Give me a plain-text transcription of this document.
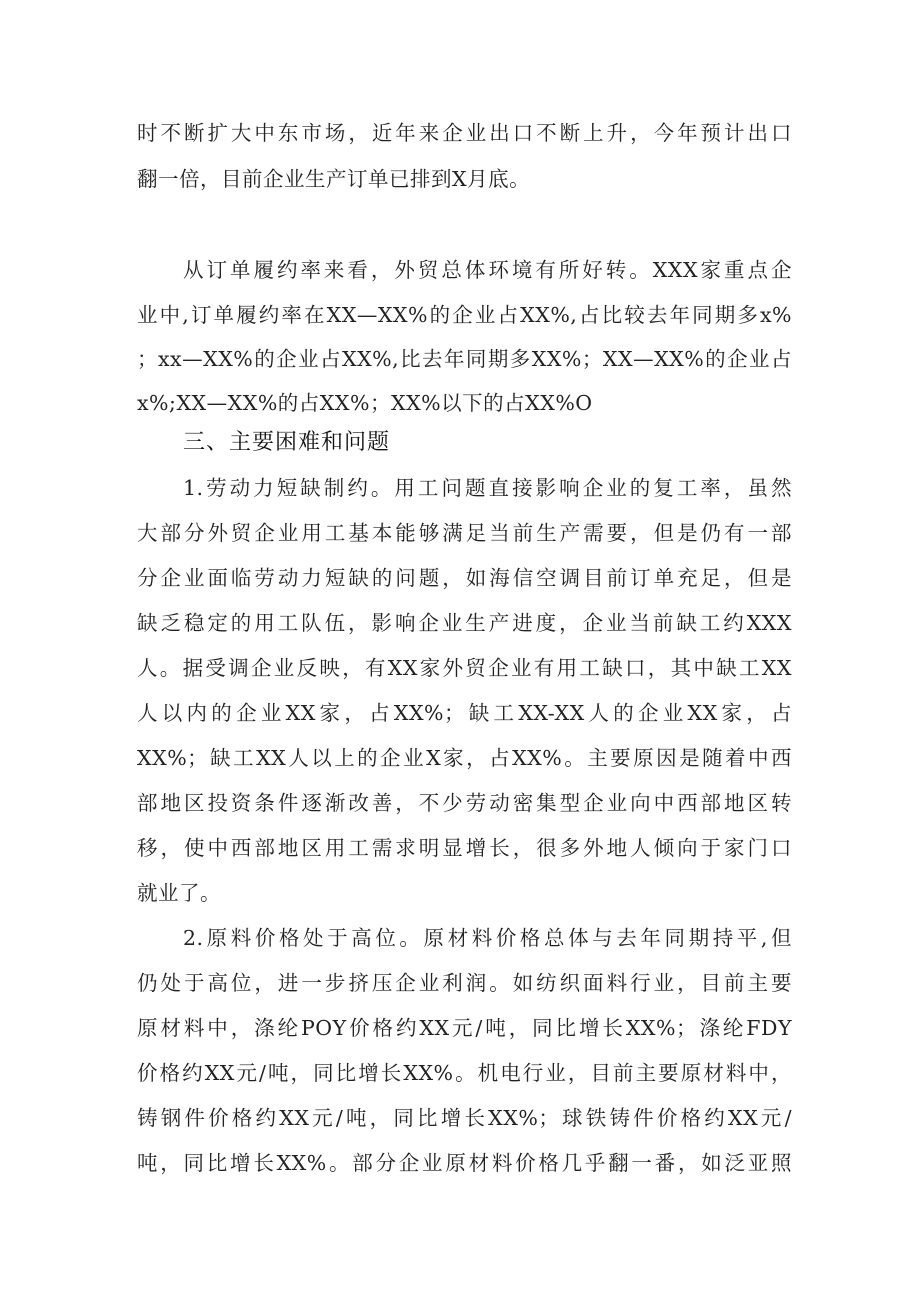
时不断扩大中东市场，近年来企业出口不断上升，今年预计出口
翻一倍，目前企业生产订单已排到X月底。
从订单履约率来看，外贸总体环境有所好转。XXX家重点企
业中,订单履约率在XX—XX%的企业占XX%,占比较去年同期多x%
；xx—XX%的企业占XX%,比去年同期多XX%；XX—XX%的企业占
x%;XX—XX%的占XX%；XX%以下的占XX%O
三、主要困难和问题
1.劳动力短缺制约。用工问题直接影响企业的复工率，虽然
大部分外贸企业用工基本能够满足当前生产需要，但是仍有一部
分企业面临劳动力短缺的问题，如海信空调目前订单充足，但是
缺乏稳定的用工队伍，影响企业生产进度，企业当前缺工约XXX
人。据受调企业反映，有XX家外贸企业有用工缺口，其中缺工XX
人以内的企业XX家，占XX%；缺工XX-XX人的企业XX家，占
XX%；缺工XX人以上的企业X家，占XX%。主要原因是随着中西
部地区投资条件逐渐改善，不少劳动密集型企业向中西部地区转
移，使中西部地区用工需求明显增长，很多外地人倾向于家门口
就业了。
2.原料价格处于高位。原材料价格总体与去年同期持平,但
仍处于高位，进一步挤压企业利润。如纺织面料行业，目前主要
原材料中，涤纶POY价格约XX元/吨，同比增长XX%；涤纶FDY
价格约XX元/吨，同比增长XX%。机电行业，目前主要原材料中，
铸钢件价格约XX元/吨，同比增长XX%；球铁铸件价格约XX元/
吨，同比增长XX%。部分企业原材料价格几乎翻一番，如泛亚照
